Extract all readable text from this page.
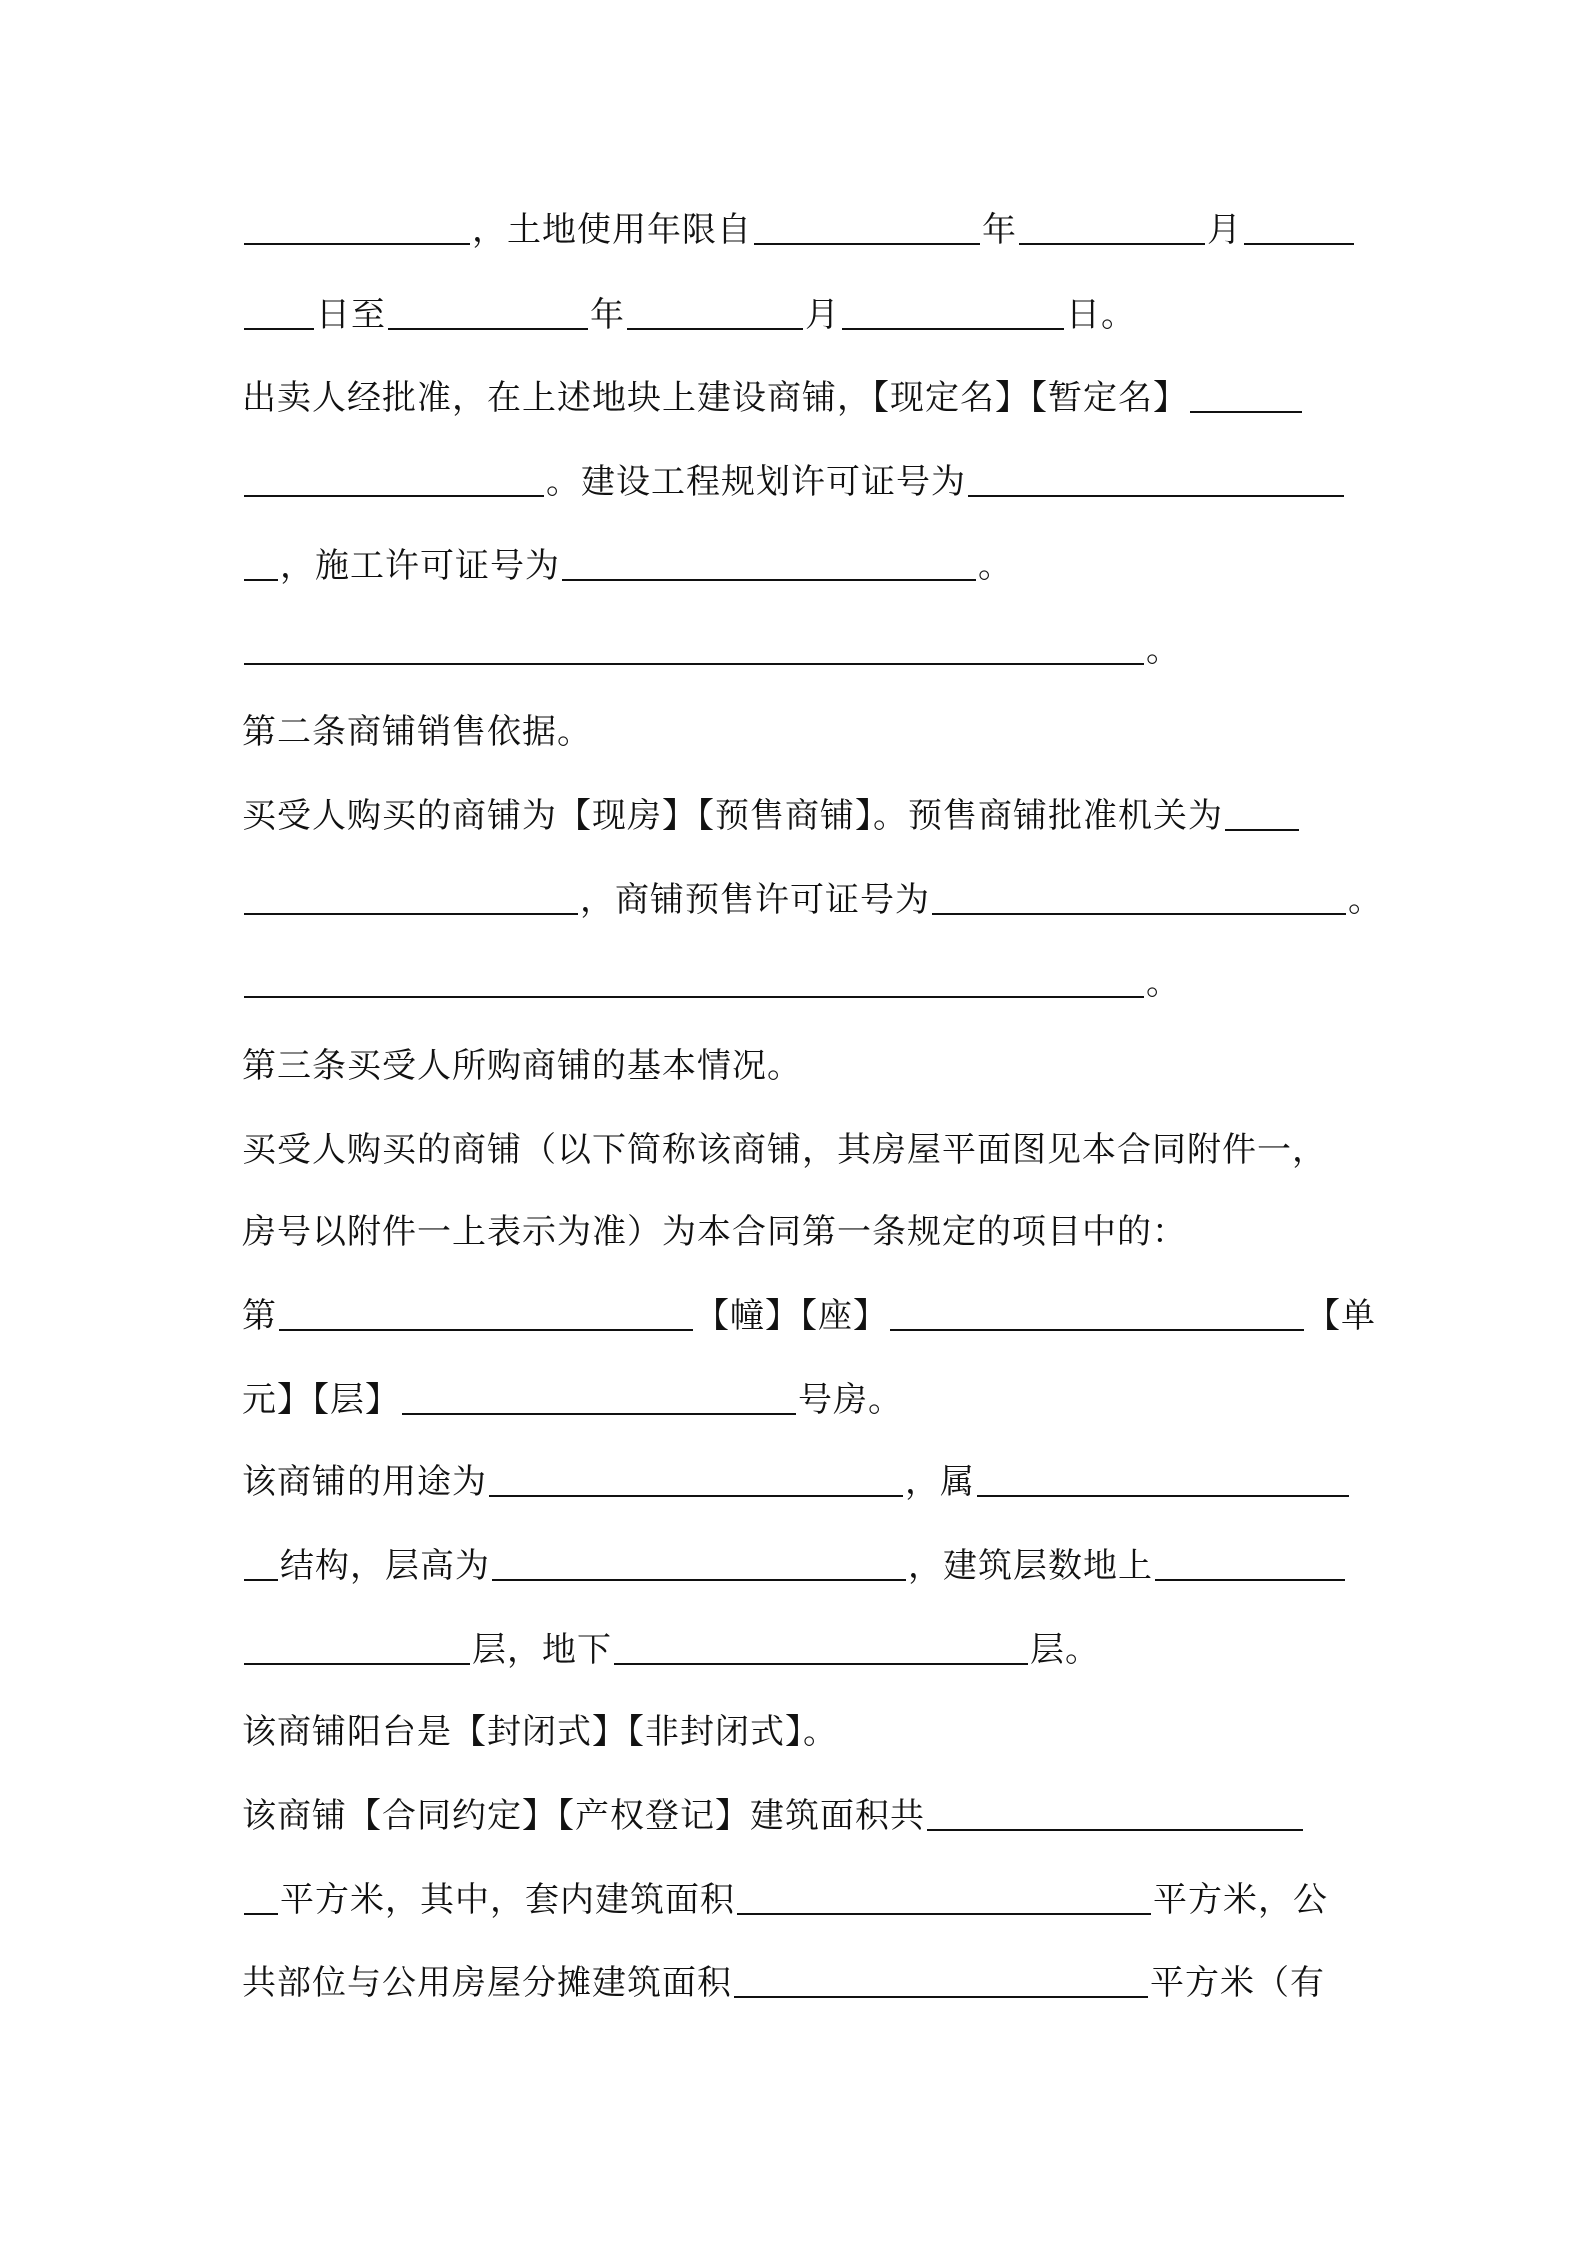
，土地使用年限自	年	月
日至	年	月	日。
出卖人经批准，在上述地块上建设商铺，【现定名】【暂定名】
。建设工程规划许可证号为
，施工许可证号为	。
。
第二条商铺销售依据。
买受人购买的商铺为【现房】【预售商铺】。预售商铺批准机关为
，商铺预售许可证号为	。
。
第三条买受人所购商铺的基本情况。
买受人购买的商铺（以下简称该商铺，其房屋平面图见本合同附件一，
房号以附件一上表示为准）为本合同第一条规定的项目中的：
第	【幢】【座】	【单
元】【层】	号房。
该商铺的用途为	，属
结构，层高为	，建筑层数地上
层，地下	层。
该商铺阳台是【封闭式】【非封闭式】。
该商铺【合同约定】【产权登记】建筑面积共
平方米，其中，套内建筑面积	平方米，公
共部位与公用房屋分摊建筑面积	平方米（有
